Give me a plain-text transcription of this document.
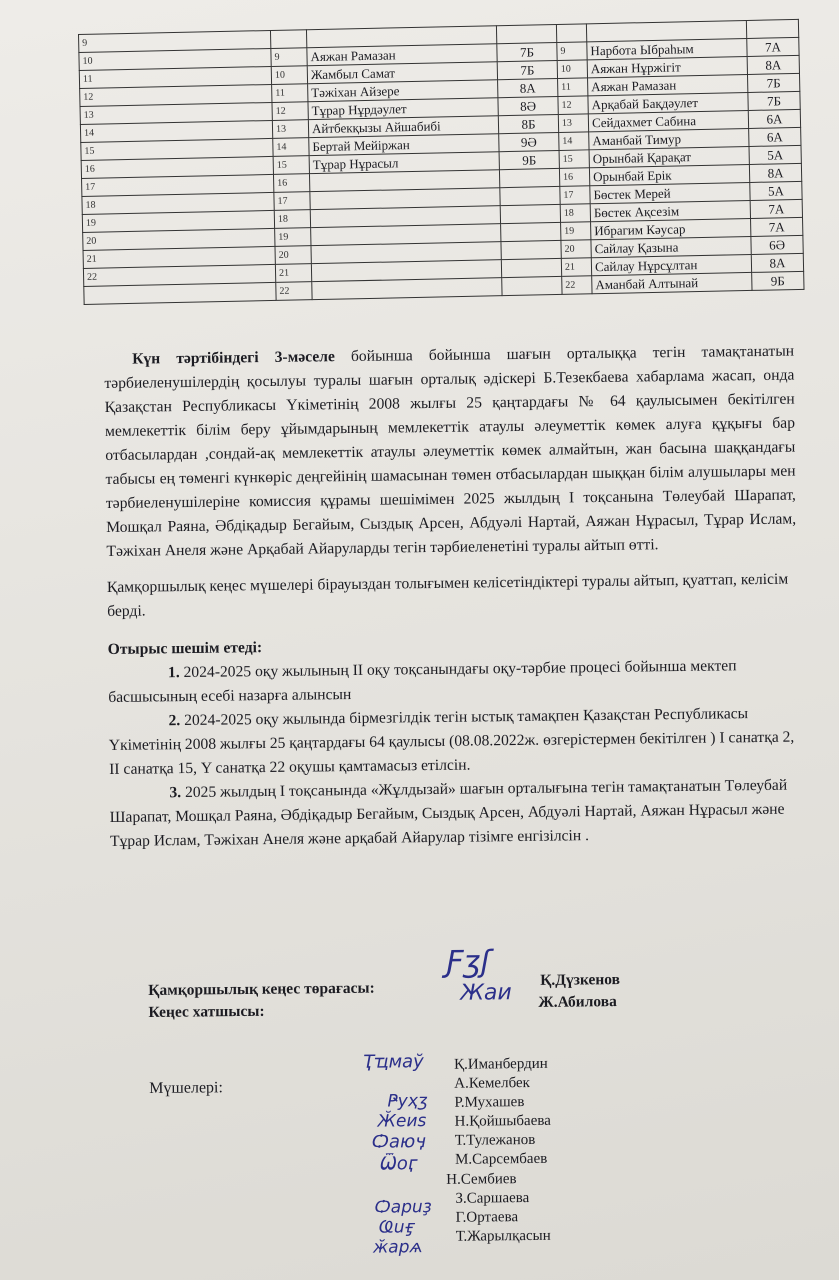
9						
10	9	Аяжан Рамазан	7Б	9	Нарбота Ыбраһым	7А
11	10	Жамбыл Самат	7Б	10	Аяжан Нұржігіт	8А
12	11	Тәжіхан Айзере	8А	11	Аяжан Рамазан	7Б
13	12	Тұрар Нұрдәулет	8Ә	12	Арқабай Бақдәулет	7Б
14	13	Айтбекқызы Айшабибі	8Б	13	Сейдахмет Сабина	6А
15	14	Бертай Мейіржан	9Ә	14	Аманбай Тимур	6А
16	15	Тұрар Нұрасыл	9Б	15	Орынбай Қарақат	5А
17	16			16	Орынбай Ерік	8А
18	17			17	Бөстек Мерей	5А
19	18			18	Бөстек Ақсезім	7А
20	19			19	Ибрагим Кәусар	7А
21	20			20	Сайлау Қазына	6Ә
22	21			21	Сайлау Нұрсұлтан	8А
	22			22	Аманбай Алтынай	9Б

Күн тәртібіндегі 3-мәселе бойынша бойынша шағын орталыққа тегін тамақтанатын тәрбиеленушілердің қосылуы туралы шағын орталық әдіскері Б.Тезекбаева хабарлама жасап, онда Қазақстан Республикасы Үкіметінің 2008 жылғы 25 қаңтардағы № 64 қаулысымен бекітілген мемлекеттік білім беру ұйымдарының мемлекеттік атаулы әлеуметтік көмек алуға құқығы бар отбасылардан ,сондай-ақ мемлекеттік атаулы әлеуметтік көмек алмайтын, жан басына шаққандағы табысы ең төменгі күнкөріс деңгейінің шамасынан төмен отбасылардан шыққан білім алушылары мен тәрбиеленушілеріне комиссия құрамы шешімімен 2025 жылдың I тоқсанына Төлеубай Шарапат, Мошқал Раяна, Әбдіқадыр Бегайым, Сыздық Арсен, Абдуәлі Нартай, Аяжан Нұрасыл, Тұрар Ислам, Тәжіхан Анеля және Арқабай Айаруларды тегін тәрбиеленетіні туралы айтып өтті.

Қамқоршылық кеңес мүшелері бірауыздан толығымен келісетіндіктері туралы айтып, қуаттап, келісім берді.

Отырыс шешім етеді:

1. 2024-2025 оқу жылының II оқу тоқсанындағы оқу-тәрбие процесі бойынша мектеп басшысының есебі назарға алынсын

2. 2024-2025 оқу жылында бірмезгілдік тегін ыстық тамақпен Қазақстан Республикасы Үкіметінің 2008 жылғы 25 қаңтардағы 64 қаулысы (08.08.2022ж. өзгерістермен бекітілген ) I санатқа 2, II санатқа 15, Y санатқа 22 оқушы қамтамасыз етілсін.

3. 2025 жылдың I тоқсанында «Жұлдызай» шағын орталығына тегін тамақтанатын Төлеубай Шарапат, Мошқал Раяна, Әбдіқадыр Бегайым, Сыздық Арсен, Абдуәлі Нартай, Аяжан Нұрасыл және Тұрар Ислам, Тәжіхан Анеля және арқабай Айарулар тізімге енгізілсін .

Қамқоршылық кеңес төрағасы:
Кеңес хатшысы:
Қ.Дүзкенов
Ж.Абилова
Ƒʒʃ
Жаи
Мүшелері:
Қ.Иманбердин
А.Кемелбек
Р.Мухашев
Н.Қойшыбаева
Т.Тулежанов
М.Сарсембаев
Н.Сембиев
З.Саршаева
Г.Ортаева
Т.Жарылқасын
Ҭҵмаў
Ҏуҳʒ
Ӂеиѕ
Ѻаюӌ
Ѿоӷ
Ѻарuҙ
Ҩuӻ
ӂарѧ
